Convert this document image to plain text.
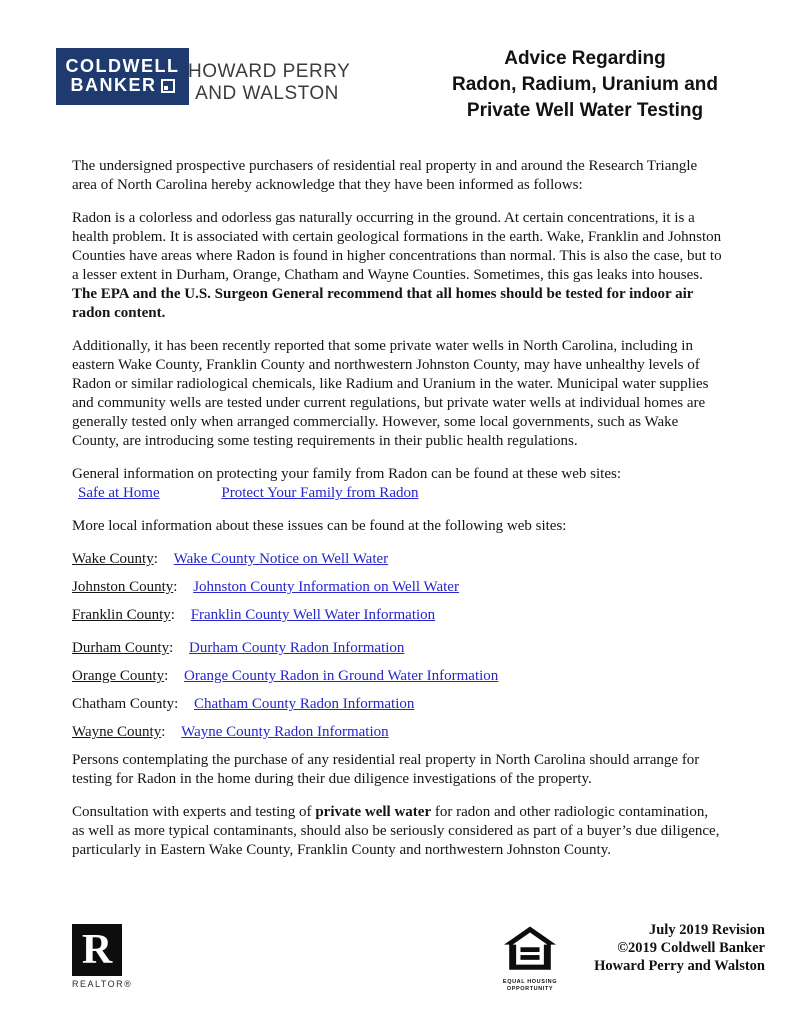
COLDWELL
BANKER
HOWARD PERRY
AND WALSTON
Advice Regarding
Radon, Radium, Uranium and
Private Well Water Testing

The undersigned prospective purchasers of residential real property in and around the Research Triangle area of North Carolina hereby acknowledge that they have been informed as follows:

Radon is a colorless and odorless gas naturally occurring in the ground. At certain concentrations, it is a health problem. It is associated with certain geological formations in the earth. Wake, Franklin and Johnston Counties have areas where Radon is found in higher concentrations than normal. This is also the case, but to a lesser extent in Durham, Orange, Chatham and Wayne Counties. Sometimes, this gas leaks into houses. The EPA and the U.S. Surgeon General recommend that all homes should be tested for indoor air radon content.

Additionally, it has been recently reported that some private water wells in North Carolina, including in eastern Wake County, Franklin County and northwestern Johnston County, may have unhealthy levels of Radon or similar radiological chemicals, like Radium and Uranium in the water. Municipal water supplies and community wells are tested under current regulations, but private water wells at individual homes are generally tested only when arranged commercially. However, some local governments, such as Wake County, are introducing some testing requirements in their public health regulations.

General information on protecting your family from Radon can be found at these web sites:
Safe at Home	Protect Your Family from Radon

More local information about these issues can be found at the following web sites:

Wake County: Wake County Notice on Well Water
Johnston County: Johnston County Information on Well Water
Franklin County: Franklin County Well Water Information
Durham County: Durham County Radon Information
Orange County: Orange County Radon in Ground Water Information
Chatham County: Chatham County Radon Information
Wayne County: Wayne County Radon Information

Persons contemplating the purchase of any residential real property in North Carolina should arrange for testing for Radon in the home during their due diligence investigations of the property.

Consultation with experts and testing of private well water for radon and other radiologic contamination, as well as more typical contaminants, should also be seriously considered as part of a buyer’s due diligence, particularly in Eastern Wake County, Franklin County and northwestern Johnston County.

R
REALTOR®	EQUAL HOUSING
OPPORTUNITY
July 2019 Revision
©2019 Coldwell Banker
Howard Perry and Walston
